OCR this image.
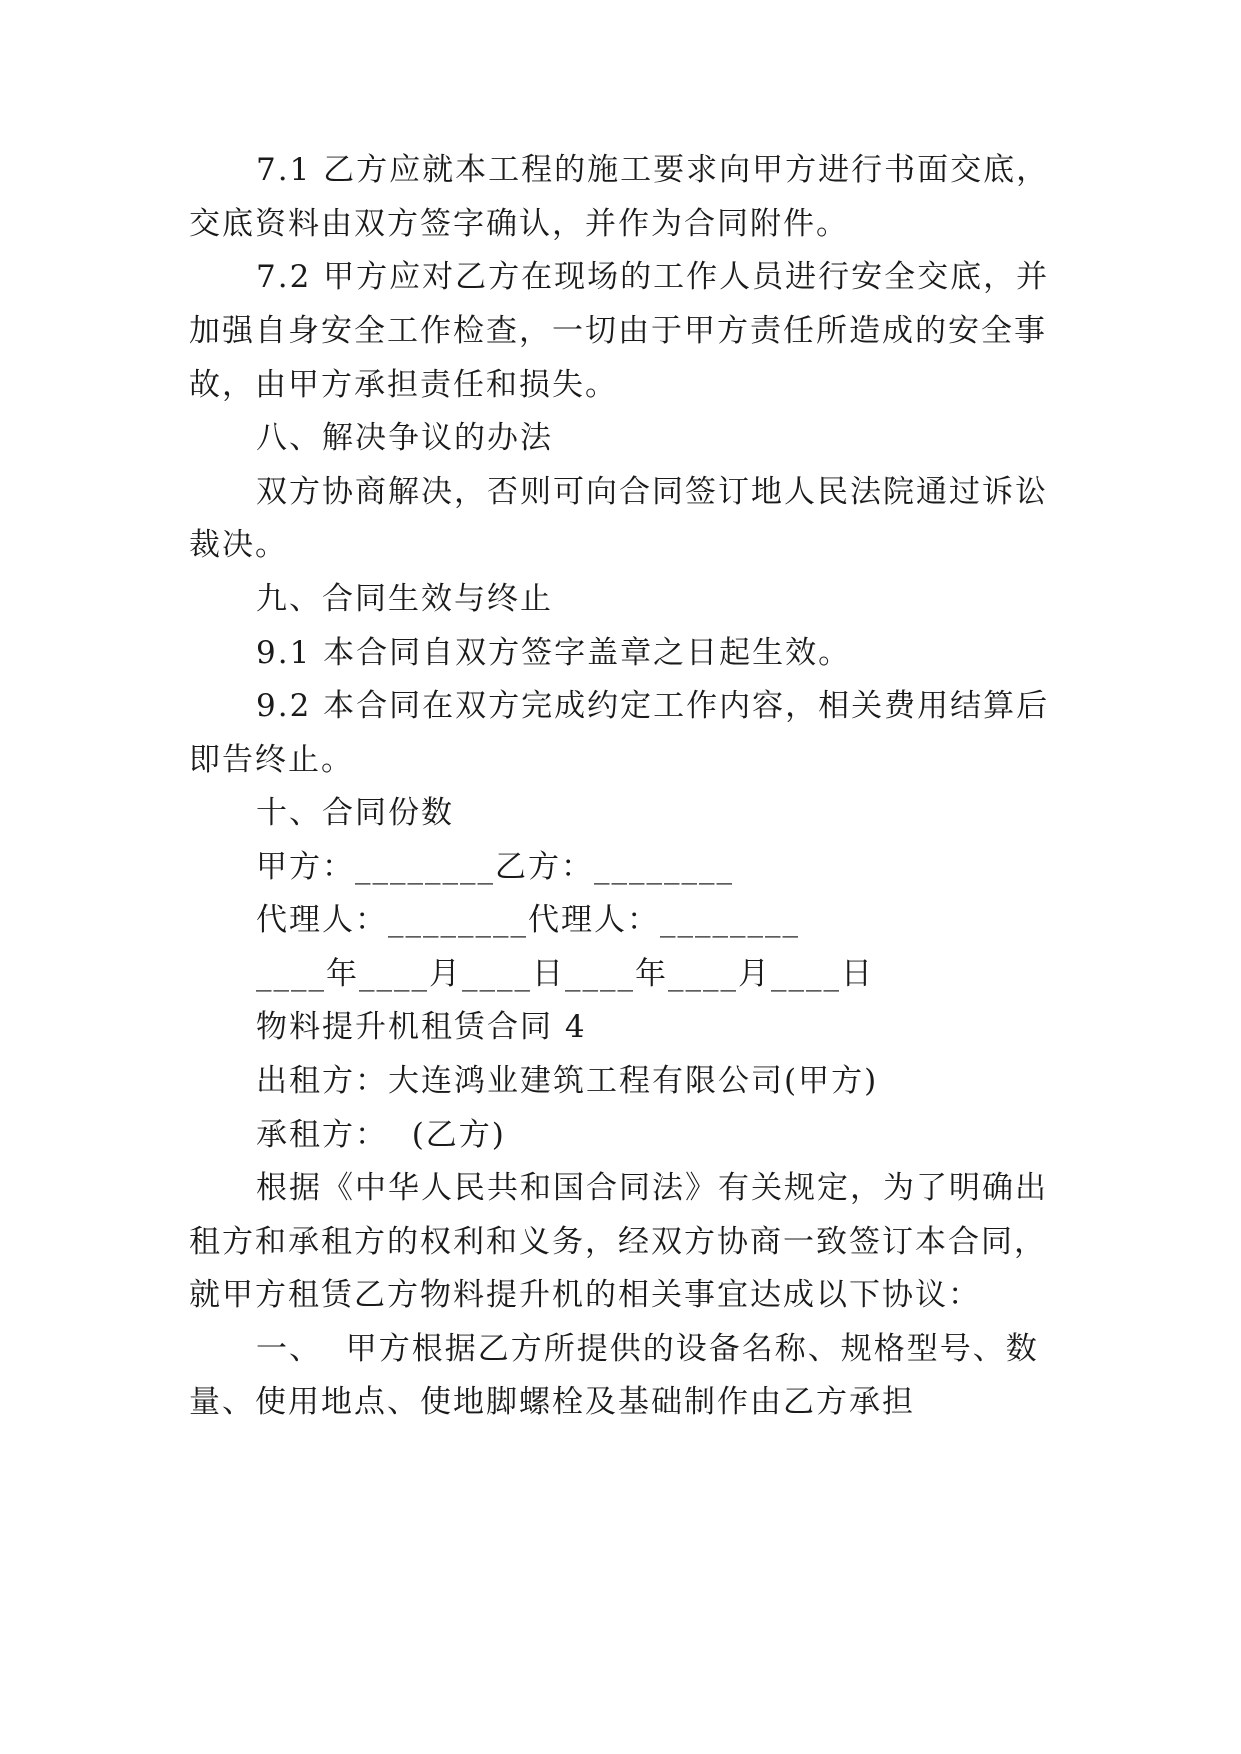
7.1 乙方应就本工程的施工要求向甲方进行书面交底，
交底资料由双方签字确认，并作为合同附件。
7.2 甲方应对乙方在现场的工作人员进行安全交底，并
加强自身安全工作检查，一切由于甲方责任所造成的安全事
故，由甲方承担责任和损失。
八、解决争议的办法
双方协商解决，否则可向合同签订地人民法院通过诉讼
裁决。
九、合同生效与终止
9.1 本合同自双方签字盖章之日起生效。
9.2 本合同在双方完成约定工作内容，相关费用结算后
即告终止。
十、合同份数
甲方：________乙方：________
代理人：________代理人：________
____年____月____日____年____月____日
物料提升机租赁合同 4
出租方：大连鸿业建筑工程有限公司(甲方)
承租方：  (乙方)
根据《中华人民共和国合同法》有关规定，为了明确出
租方和承租方的权利和义务，经双方协商一致签订本合同，
就甲方租赁乙方物料提升机的相关事宜达成以下协议：
一、  甲方根据乙方所提供的设备名称、规格型号、数
量、使用地点、使地脚螺栓及基础制作由乙方承担
